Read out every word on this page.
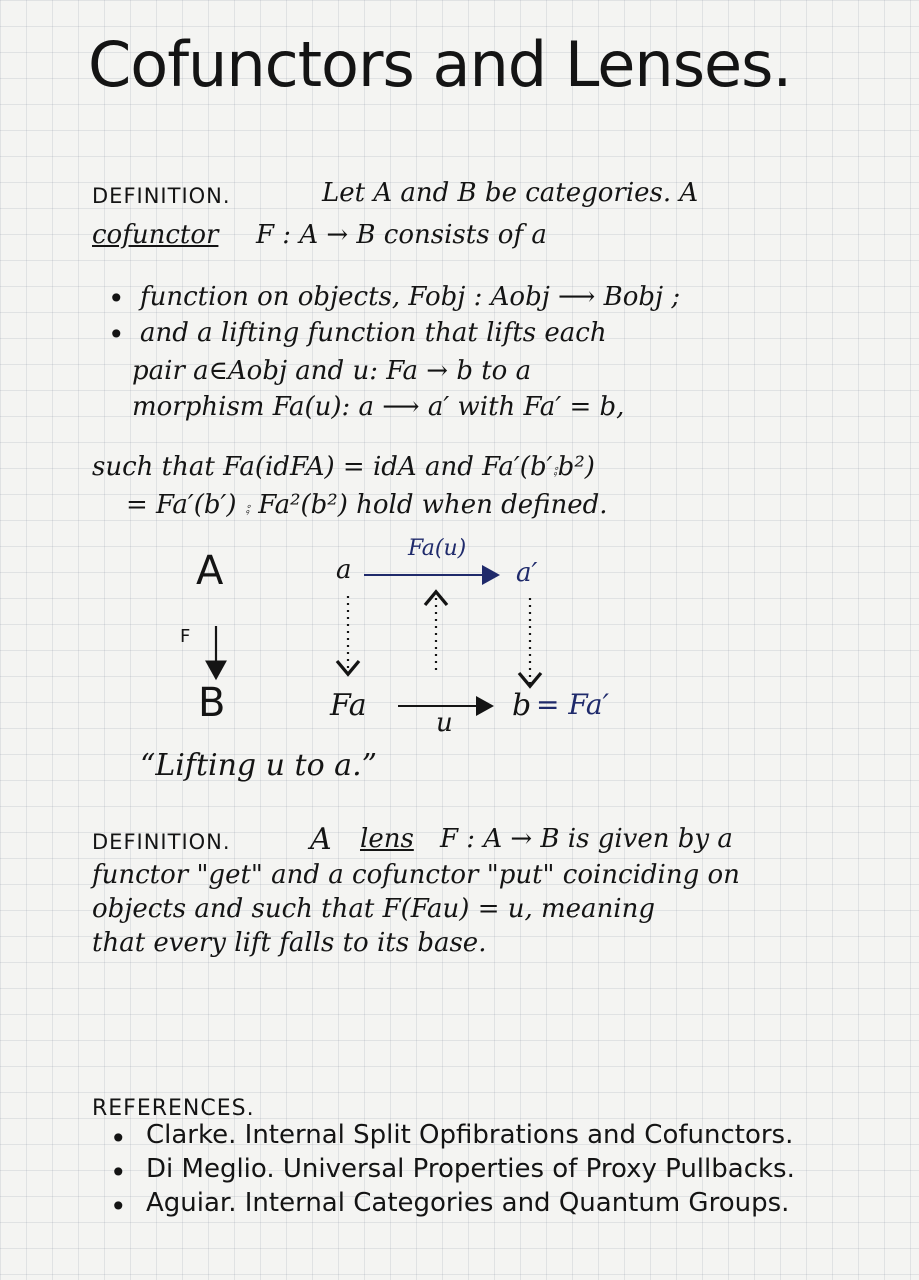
Cofunctors and Lenses.
DEFINITION.	Let A and B be categories. A
cofunctor F : A → B consists of a
• function on objects, Fobj : Aobj ⟶ Bobj ;
• and a lifting function that lifts each
pair a∈Aobj and u: Fa → b to a
morphism Fa(u): a ⟶ a′ with Fa′ = b,
such that Fa(idFA) = idA and Fa′(b′⨾b²)
= Fa′(b′) ⨾ Fa²(b²) hold when defined.
A
F
B
a
Fa(u)
a′
Fa	u b = Fa′
“Lifting u to a.”
DEFINITION.	A lens F : A → B is given by a
functor "get" and a cofunctor "put" coinciding on
objects and such that F(Fau) = u, meaning
that every lift falls to its base.
REFERENCES.
• Clarke. Internal Split Opfibrations and Cofunctors.
• Di Meglio. Universal Properties of Proxy Pullbacks.
• Aguiar. Internal Categories and Quantum Groups.
